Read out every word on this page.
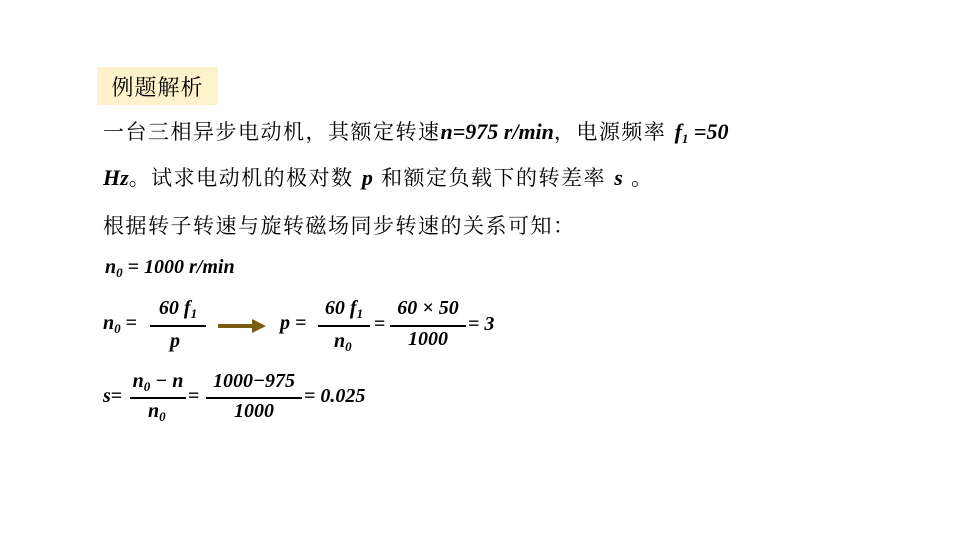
例题解析
一台三相异步电动机，其额定转速n=975 r/min，电源频率 $f_1 =50$
Hz。试求电动机的极对数 p 和额定负载下的转差率 s 。
根据转子转速与旋转磁场同步转速的关系可知：
$n_0 = 1000$ r/min
$n_0$ =
60 $f_1$
p
p =
60 $f_1$
$n_0$
=
60 × 50
1000
= 3
s=
$n_0 - n$
$n_0$
=
1000−975
1000
= 0.025
